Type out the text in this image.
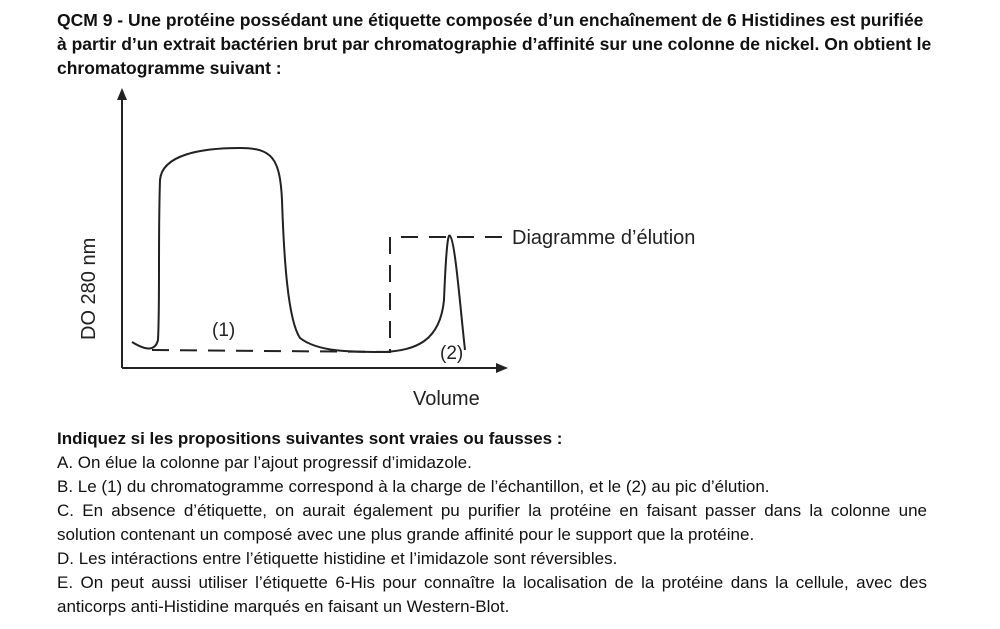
QCM 9 - Une protéine possédant une étiquette composée d’un enchaînement de 6 Histidines est purifiée à partir d’un extrait bactérien brut par chromatographie d’affinité sur une colonne de nickel. On obtient le chromatogramme suivant :
(1)
(2)
Diagramme d’élution
Volume
DO 280 nm
Indiquez si les propositions suivantes sont vraies ou fausses :
A. On élue la colonne par l’ajout progressif d’imidazole.
B. Le (1) du chromatogramme correspond à la charge de l’échantillon, et le (2) au pic d’élution.
C. En absence d’étiquette, on aurait également pu purifier la protéine en faisant passer dans la colonne une solution contenant un composé avec une plus grande affinité pour le support que la protéine.
D. Les intéractions entre l’étiquette histidine et l’imidazole sont réversibles.
E. On peut aussi utiliser l’étiquette 6-His pour connaître la localisation de la protéine dans la cellule, avec des anticorps anti-Histidine marqués en faisant un Western-Blot.
